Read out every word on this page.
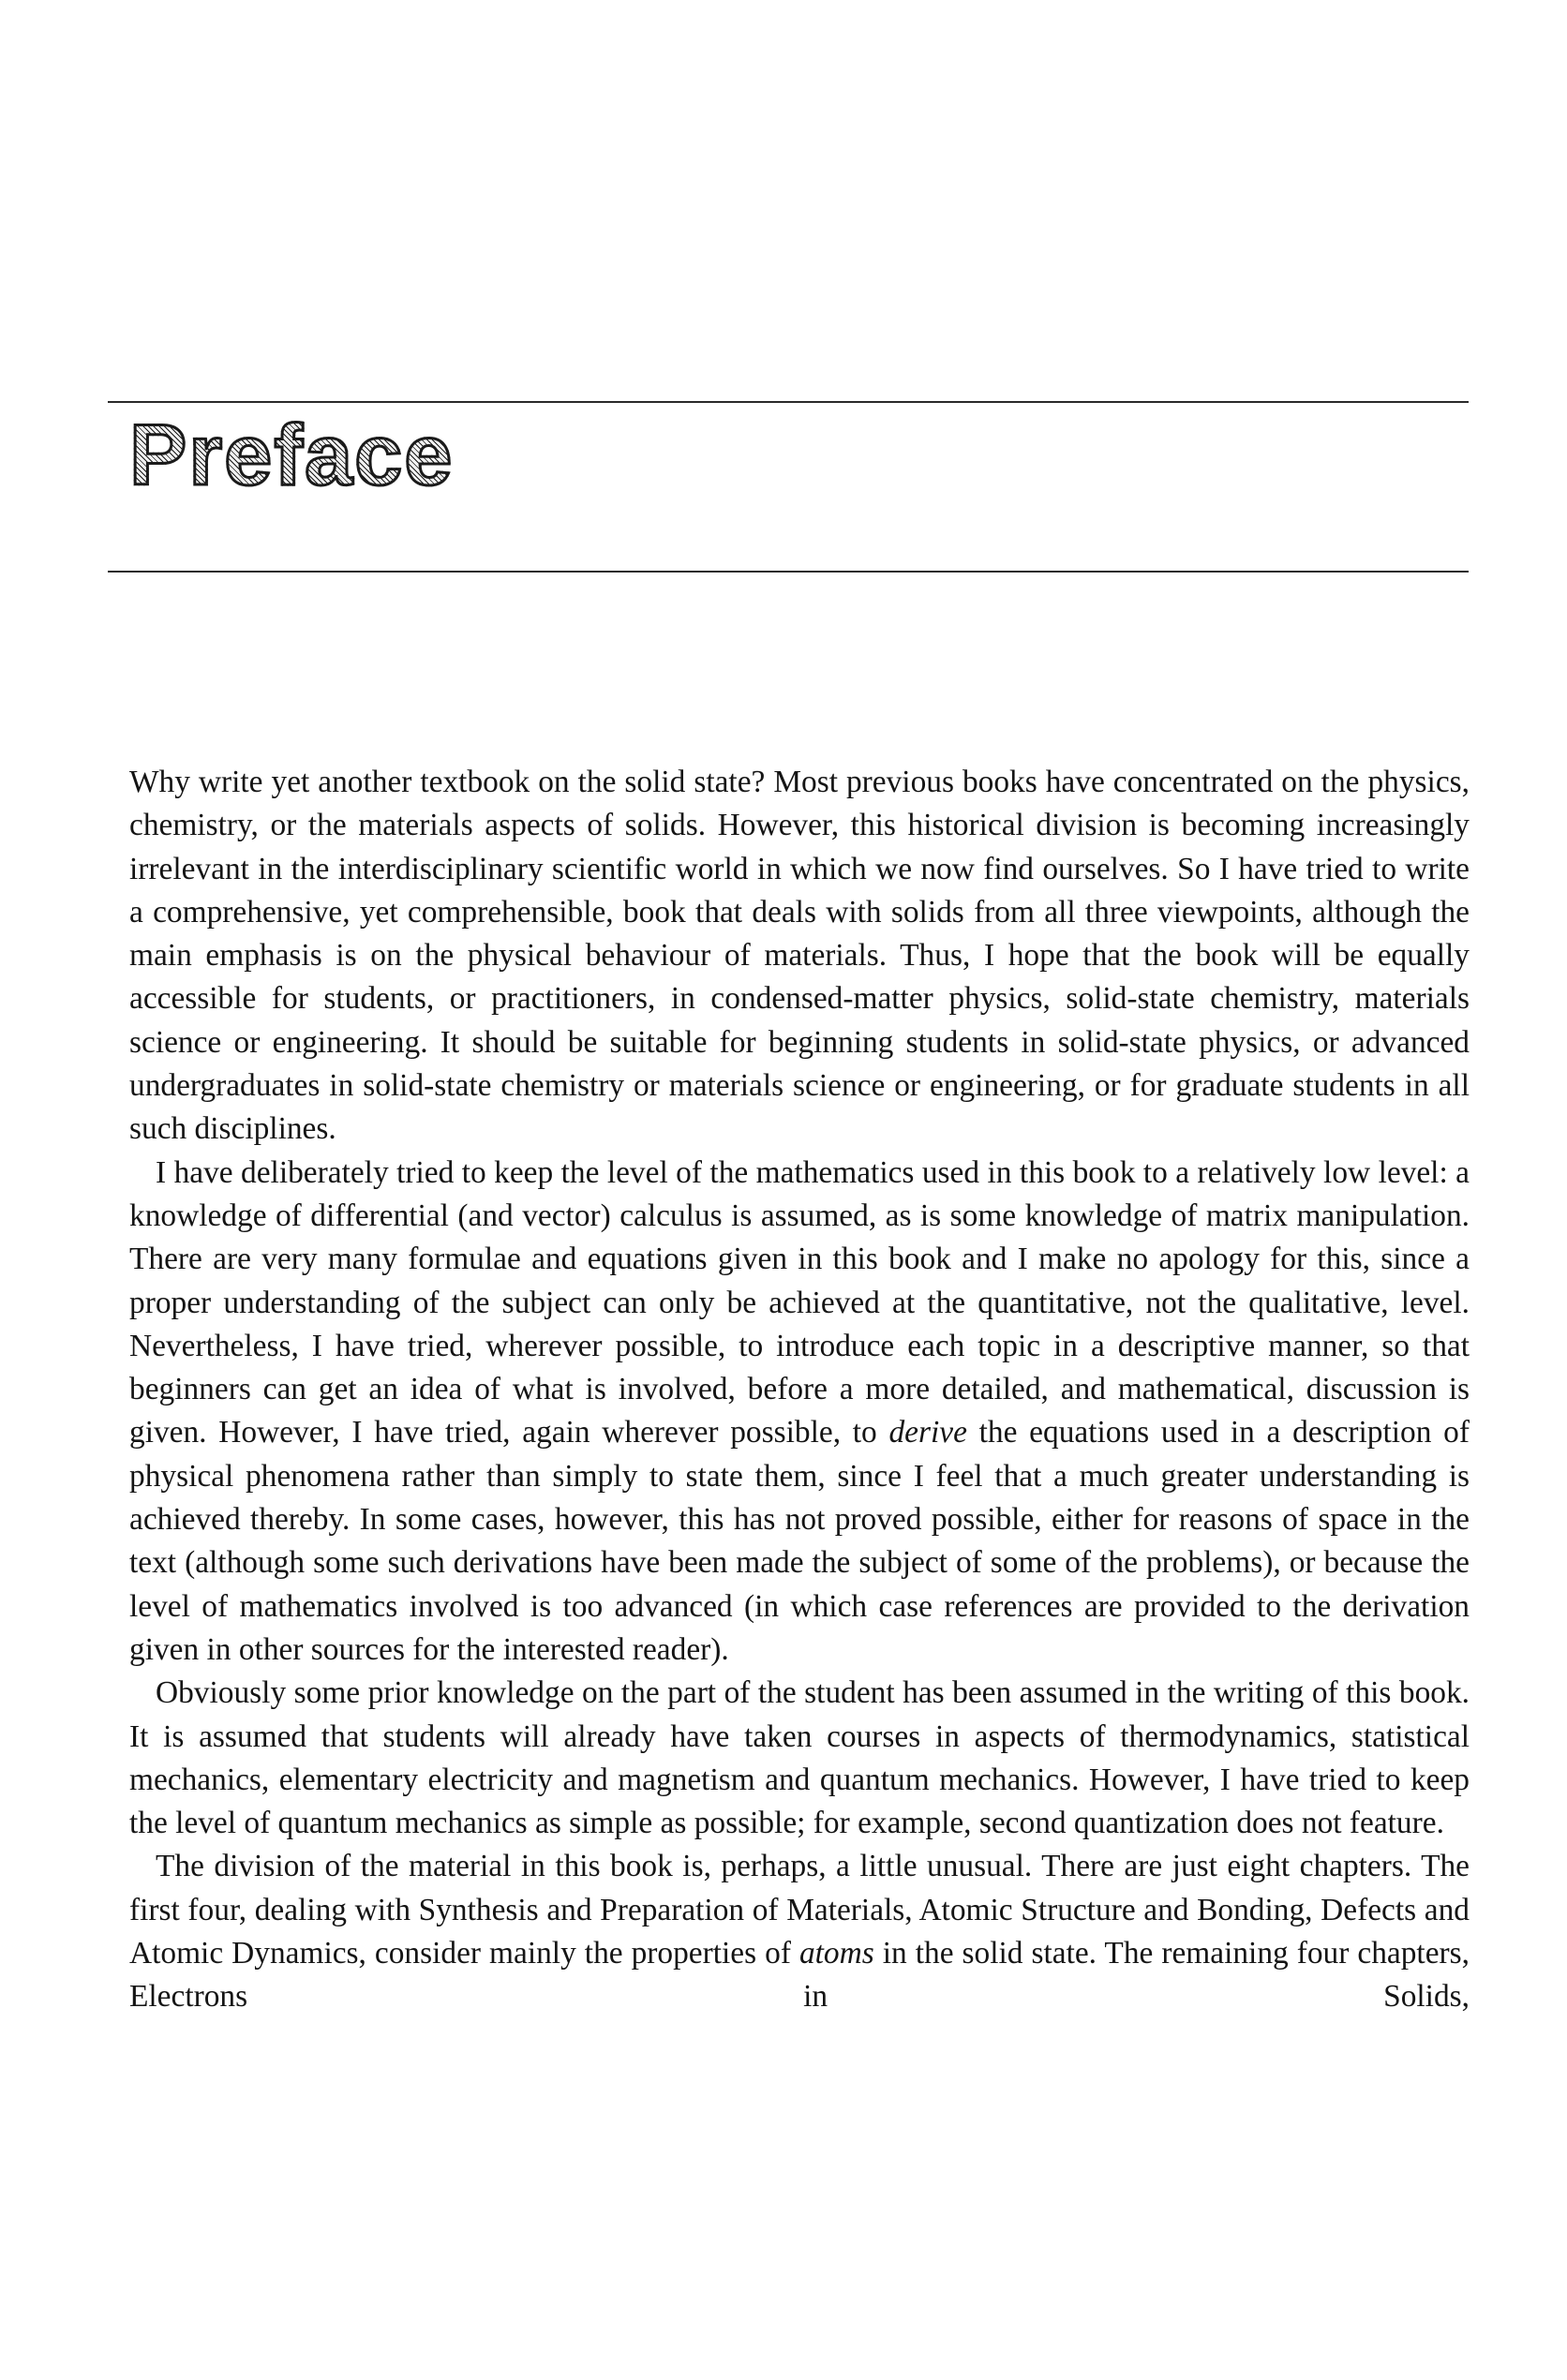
Preface

Why write yet another textbook on the solid state? Most previous books have concentrated on the physics, chemistry, or the materials aspects of solids. However, this historical division is becoming increasingly irrelevant in the interdisciplinary scientific world in which we now find ourselves. So I have tried to write a comprehensive, yet comprehensible, book that deals with solids from all three viewpoints, although the main emphasis is on the physical behaviour of materials. Thus, I hope that the book will be equally accessible for students, or practitioners, in condensed-matter physics, solid-state chemistry, materials science or engineering. It should be suitable for beginning students in solid-state physics, or advanced undergraduates in solid-state chemistry or materials science or engineering, or for graduate students in all such disciplines.

I have deliberately tried to keep the level of the mathematics used in this book to a relatively low level: a knowledge of differential (and vector) calculus is assumed, as is some knowledge of matrix manipulation. There are very many formulae and equations given in this book and I make no apology for this, since a proper understanding of the subject can only be achieved at the quantitative, not the qualitative, level. Nevertheless, I have tried, wherever possible, to introduce each topic in a descriptive manner, so that beginners can get an idea of what is involved, before a more detailed, and mathematical, discussion is given. However, I have tried, again wherever possible, to derive the equations used in a description of physical phenomena rather than simply to state them, since I feel that a much greater understanding is achieved thereby. In some cases, however, this has not proved possible, either for reasons of space in the text (although some such derivations have been made the subject of some of the problems), or because the level of mathematics involved is too advanced (in which case references are provided to the derivation given in other sources for the interested reader).

Obviously some prior knowledge on the part of the student has been assumed in the writing of this book. It is assumed that students will already have taken courses in aspects of thermodynamics, statistical mechanics, elementary electricity and magnetism and quantum mechanics. However, I have tried to keep the level of quantum mechanics as simple as possible; for example, second quantization does not feature.

The division of the material in this book is, perhaps, a little unusual. There are just eight chapters. The first four, dealing with Synthesis and Preparation of Materials, Atomic Structure and Bonding, Defects and Atomic Dynamics, consider mainly the properties of atoms in the solid state. The remaining four chapters, Electrons in Solids,
